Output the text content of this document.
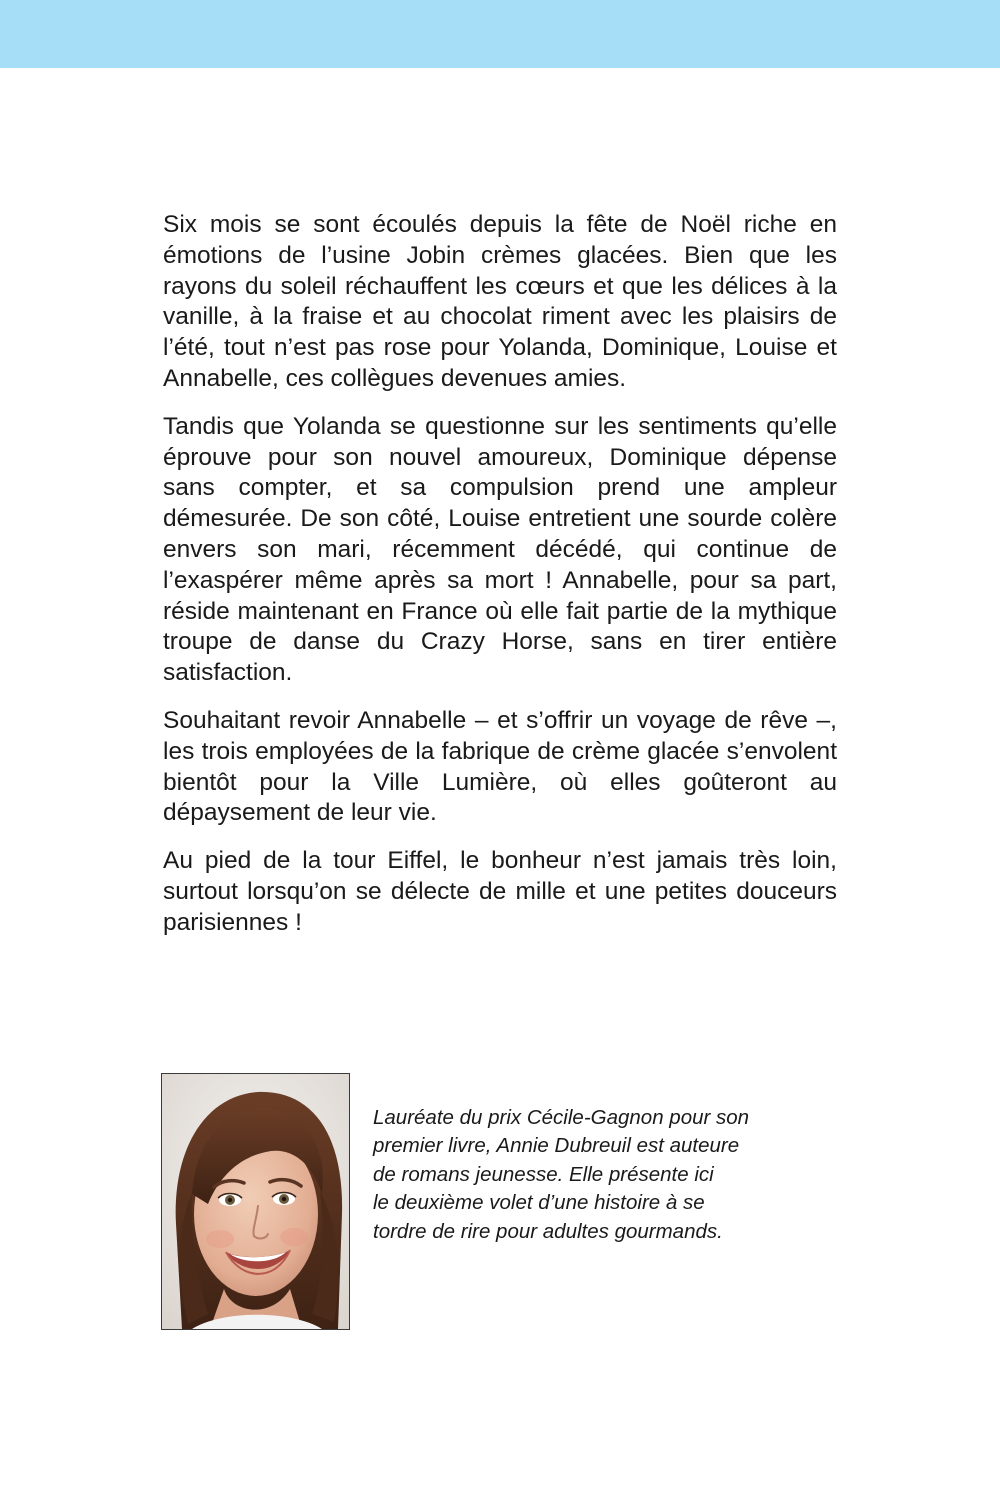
Six mois se sont écoulés depuis la fête de Noël riche en émotions de l’usine Jobin crèmes glacées. Bien que les rayons du soleil réchauffent les cœurs et que les délices à la vanille, à la fraise et au chocolat riment avec les plaisirs de l’été, tout n’est pas rose pour Yolanda, Dominique, Louise et Annabelle, ces collègues devenues amies.

Tandis que Yolanda se questionne sur les sentiments qu’elle éprouve pour son nouvel amoureux, Dominique dépense sans compter, et sa compulsion prend une ampleur démesurée. De son côté, Louise entretient une sourde colère envers son mari, récemment décédé, qui continue de l’exaspérer même après sa mort ! Annabelle, pour sa part, réside maintenant en France où elle fait partie de la mythique troupe de danse du Crazy Horse, sans en tirer entière satisfaction.

Souhaitant revoir Annabelle – et s’offrir un voyage de rêve –, les trois employées de la fabrique de crème glacée s’envolent bientôt pour la Ville Lumière, où elles goûteront au dépaysement de leur vie.

Au pied de la tour Eiffel, le bonheur n’est jamais très loin, surtout lorsqu’on se délecte de mille et une petites douceurs parisiennes !

Lauréate du prix Cécile-Gagnon pour son
premier livre, Annie Dubreuil est auteure
de romans jeunesse. Elle présente ici
le deuxième volet d’une histoire à se
tordre de rire pour adultes gourmands.
